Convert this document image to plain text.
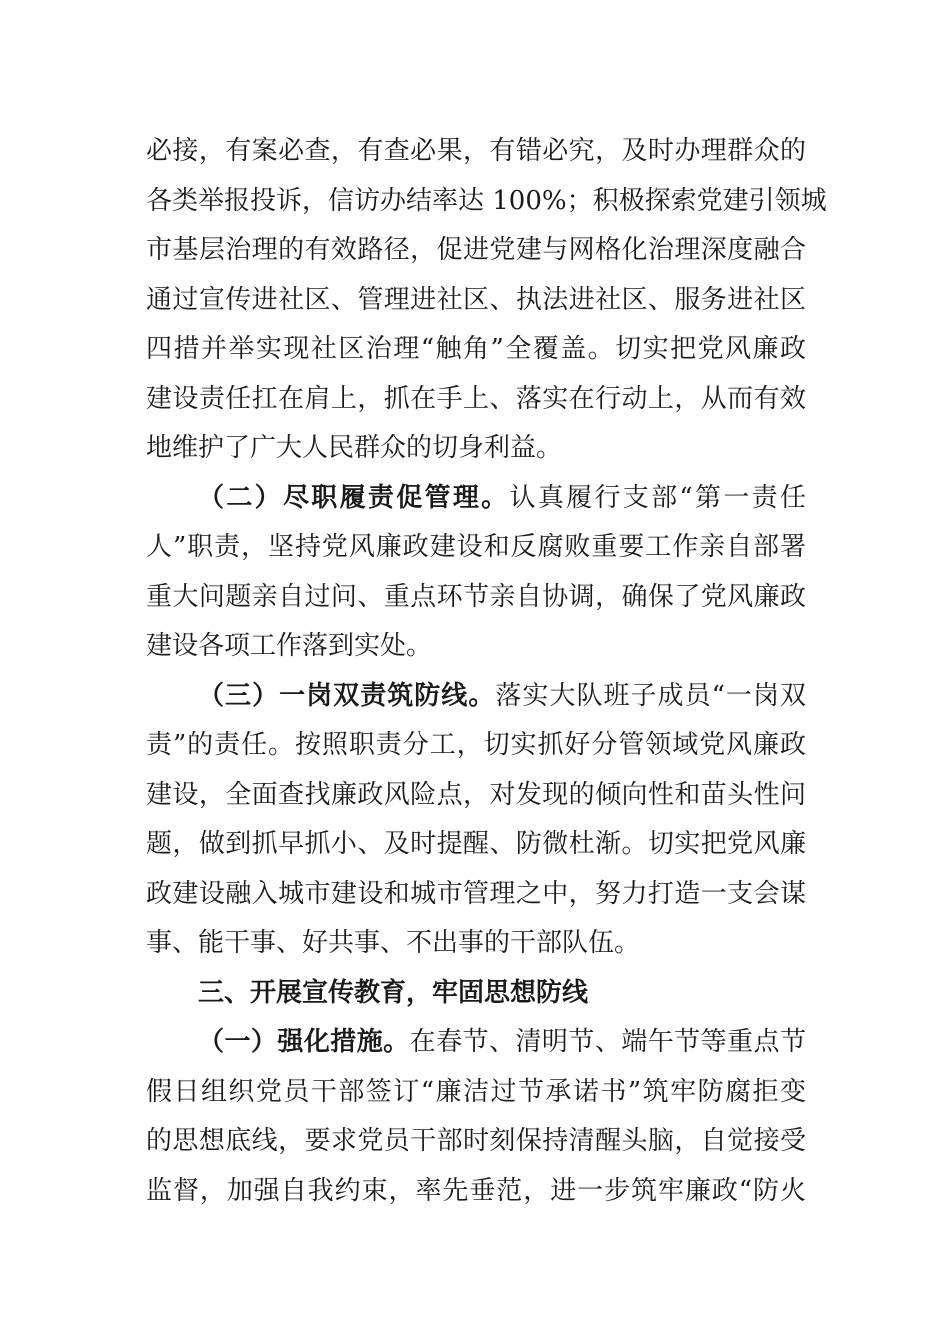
必接，有案必查，有查必果，有错必究，及时办理群众的
各类举报投诉，信访办结率达 100%；积极探索党建引领城
市基层治理的有效路径，促进党建与网格化治理深度融合
通过宣传进社区、管理进社区、执法进社区、服务进社区
四措并举实现社区治理“触角”全覆盖。切实把党风廉政
建设责任扛在肩上，抓在手上、落实在行动上，从而有效
地维护了广大人民群众的切身利益。
（二）尽职履责促管理。认真履行支部“第一责任
人”职责，坚持党风廉政建设和反腐败重要工作亲自部署
重大问题亲自过问、重点环节亲自协调，确保了党风廉政
建设各项工作落到实处。
（三）一岗双责筑防线。落实大队班子成员“一岗双
责”的责任。按照职责分工，切实抓好分管领域党风廉政
建设，全面查找廉政风险点，对发现的倾向性和苗头性问
题，做到抓早抓小、及时提醒、防微杜渐。切实把党风廉
政建设融入城市建设和城市管理之中，努力打造一支会谋
事、能干事、好共事、不出事的干部队伍。
三、开展宣传教育，牢固思想防线
（一）强化措施。在春节、清明节、端午节等重点节
假日组织党员干部签订“廉洁过节承诺书”筑牢防腐拒变
的思想底线，要求党员干部时刻保持清醒头脑，自觉接受
监督，加强自我约束，率先垂范，进一步筑牢廉政“防火
